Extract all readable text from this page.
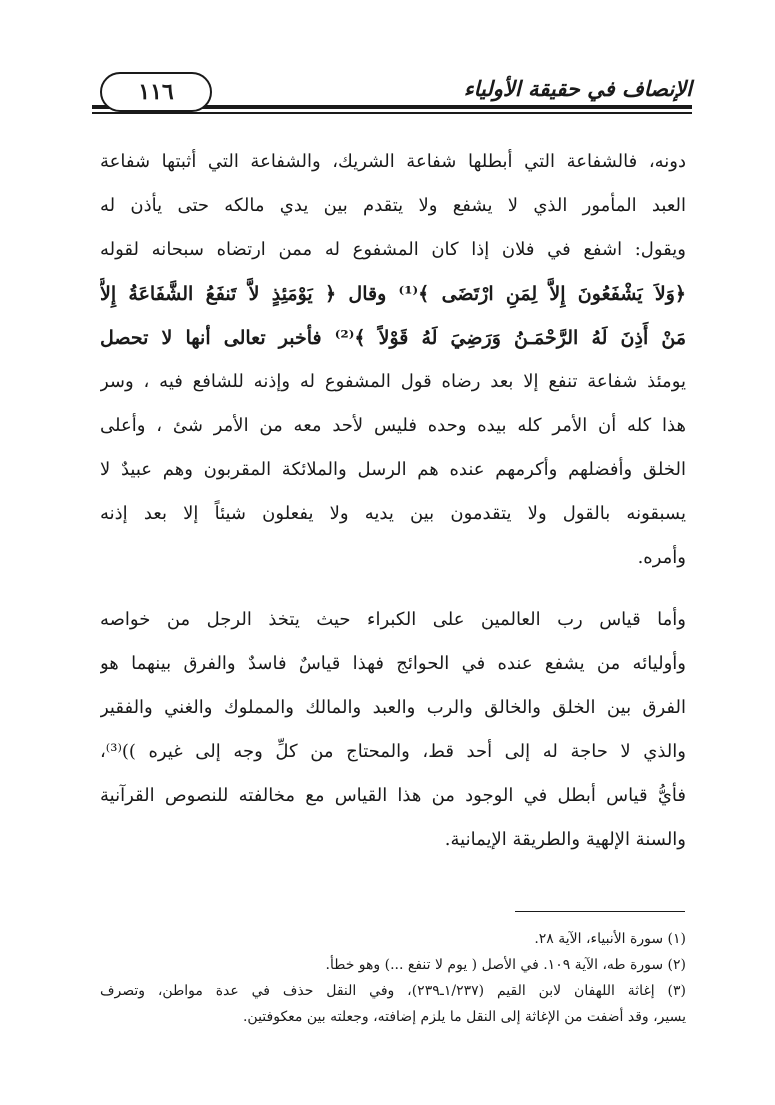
الإنصاف في حقيقة الأولياء
١١٦
دونه، فالشفاعة التي أبطلها شفاعة الشريك، والشفاعة التي أثبتها شفاعة
العبد المأمور الذي لا يشفع ولا يتقدم بين يدي مالكه حتى يأذن له
ويقول: اشفع في فلان إذا كان المشفوع له ممن ارتضاه سبحانه لقوله
﴿وَلاَ يَشْفَعُونَ إِلاَّ لِمَنِ ارْتَضَى ﴾⁽¹⁾ وقال ﴿ يَوْمَئِذٍ لاَّ تَنفَعُ الشَّفَاعَةُ إِلاَّ
مَنْ أَذِنَ لَهُ الرَّحْمَـنُ وَرَضِيَ لَهُ قَوْلاً ﴾⁽²⁾ فأخبر تعالى أنها لا تحصل
يومئذ شفاعة تنفع إلا بعد رضاه قول المشفوع له وإذنه للشافع فيه ، وسر
هذا كله أن الأمر كله بيده وحده فليس لأحد معه من الأمر شئ ، وأعلى
الخلق وأفضلهم وأكرمهم عنده هم الرسل والملائكة المقربون وهم عبيدٌ لا
يسبقونه بالقول ولا يتقدمون بين يديه ولا يفعلون شيئاً إلا بعد إذنه
وأمره.
وأما قياس رب العالمين على الكبراء حيث يتخذ الرجل من خواصه
وأوليائه من يشفع عنده في الحوائج فهذا قياسٌ فاسدٌ والفرق بينهما هو
الفرق بين الخلق والخالق والرب والعبد والمالك والمملوك والغني والفقير
والذي لا حاجة له إلى أحد قط، والمحتاج من كلِّ وجه إلى غيره ))⁽³⁾،
فأيُّ قياس أبطل في الوجود من هذا القياس مع مخالفته للنصوص القرآنية
والسنة الإلهية والطريقة الإيمانية.
(١) سورة الأنبياء، الآية ٢٨.
(٢) سورة طه، الآية ١٠٩. في الأصل ( يوم لا تنفع ...) وهو خطأ.
(٣) إغاثة اللهفان لابن القيم (١/٢٣٧ـ٢٣٩)، وفي النقل حذف في عدة مواطن، وتصرف
يسير، وقد أضفت من الإغاثة إلى النقل ما يلزم إضافته، وجعلته بين معكوفتين.
